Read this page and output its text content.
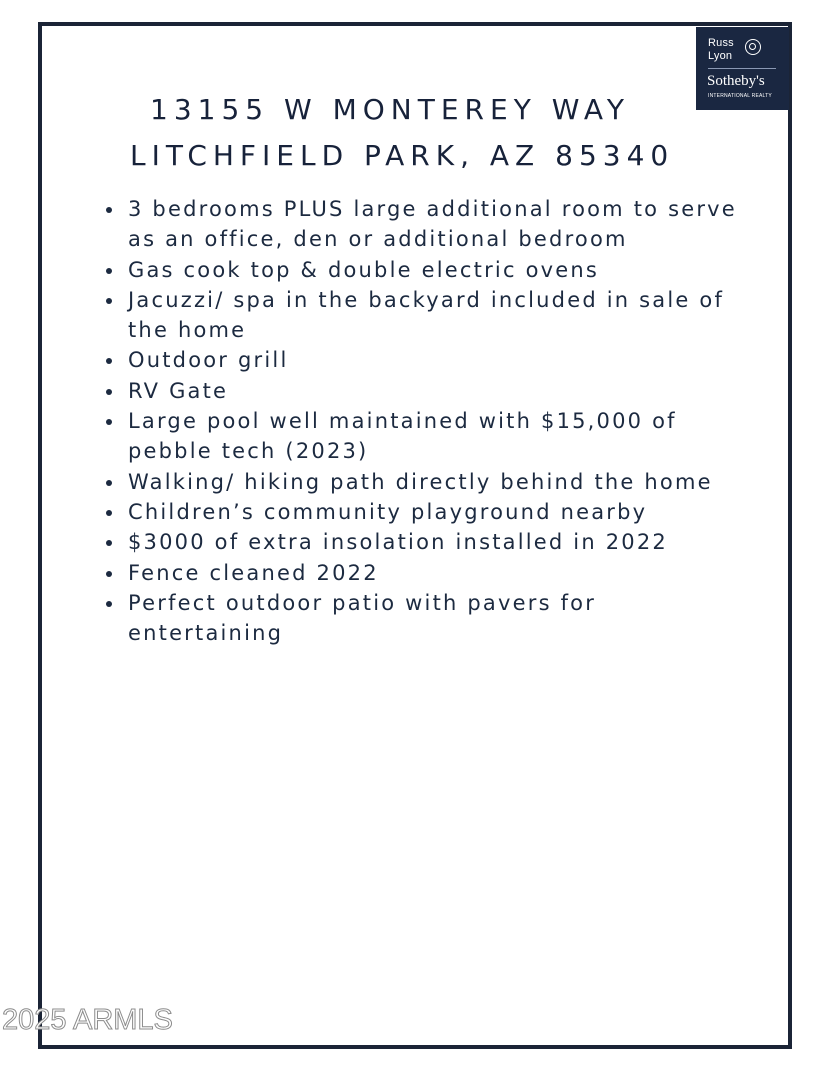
Russ
Lyon
Sotheby's
INTERNATIONAL REALTY
13155 W MONTEREY WAY
LITCHFIELD PARK, AZ 85340
3 bedrooms PLUS large additional room to serve as an office, den or additional bedroom
Gas cook top & double electric ovens
Jacuzzi/ spa in the backyard included in sale of the home
Outdoor grill
RV Gate
Large pool well maintained with $15,000 of pebble tech (2023)
Walking/ hiking path directly behind the home
Children’s community playground nearby
$3000 of extra insolation installed in 2022
Fence cleaned 2022
Perfect outdoor patio with pavers for entertaining
2025 ARMLS
